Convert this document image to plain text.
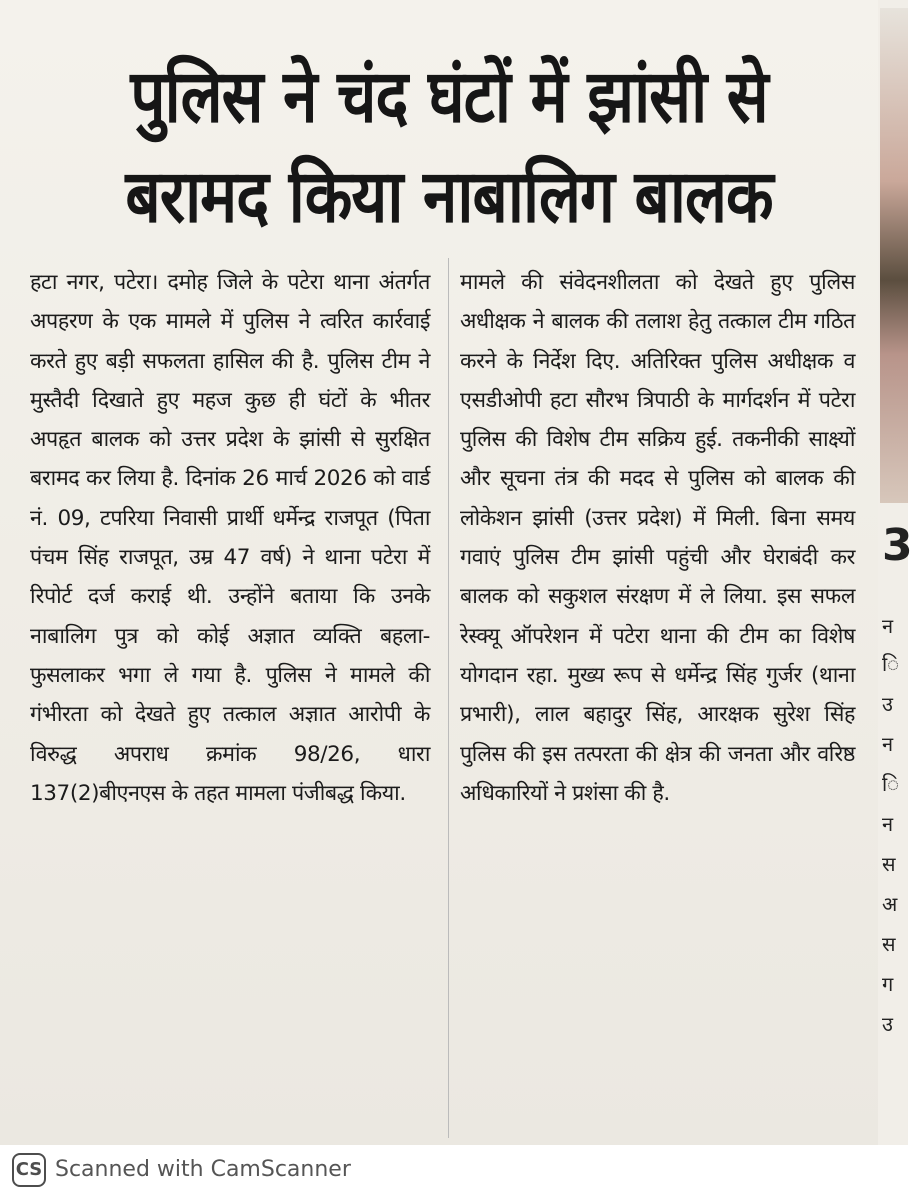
पुलिस ने चंद घंटों में झांसी से
बरामद किया नाबालिग बालक

हटा नगर, पटेरा। दमोह जिले के पटेरा थाना अंतर्गत अपहरण के एक मामले में पुलिस ने त्वरित कार्रवाई करते हुए बड़ी सफलता हासिल की है. पुलिस टीम ने मुस्तैदी दिखाते हुए महज कुछ ही घंटों के भीतर अपहृत बालक को उत्तर प्रदेश के झांसी से सुरक्षित बरामद कर लिया है. दिनांक 26 मार्च 2026 को वार्ड नं. 09, टपरिया निवासी प्रार्थी धर्मेन्द्र राजपूत (पिता पंचम सिंह राजपूत, उम्र 47 वर्ष) ने थाना पटेरा में रिपोर्ट दर्ज कराई थी. उन्होंने बताया कि उनके नाबालिग पुत्र को कोई अज्ञात व्यक्ति बहला-फुसलाकर भगा ले गया है. पुलिस ने मामले की गंभीरता को देखते हुए तत्काल अज्ञात आरोपी के विरुद्ध अपराध क्रमांक 98/26, धारा 137(2)बीएनएस के तहत मामला पंजीबद्ध किया.

मामले की संवेदनशीलता को देखते हुए पुलिस अधीक्षक ने बालक की तलाश हेतु तत्काल टीम गठित करने के निर्देश दिए. अतिरिक्त पुलिस अधीक्षक व एसडीओपी हटा सौरभ त्रिपाठी के मार्गदर्शन में पटेरा पुलिस की विशेष टीम सक्रिय हुई. तकनीकी साक्ष्यों और सूचना तंत्र की मदद से पुलिस को बालक की लोकेशन झांसी (उत्तर प्रदेश) में मिली. बिना समय गवाएं पुलिस टीम झांसी पहुंची और घेराबंदी कर बालक को सकुशल संरक्षण में ले लिया. इस सफल रेस्क्यू ऑपरेशन में पटेरा थाना की टीम का विशेष योगदान रहा. मुख्य रूप से धर्मेन्द्र सिंह गुर्जर (थाना प्रभारी), लाल बहादुर सिंह, आरक्षक सुरेश सिंह पुलिस की इस तत्परता की क्षेत्र की जनता और वरिष्ठ अधिकारियों ने प्रशंसा की है.

3
न
ि
उ
न
ि
न
स
अ
स
ग
उ
CS Scanned with CamScanner
